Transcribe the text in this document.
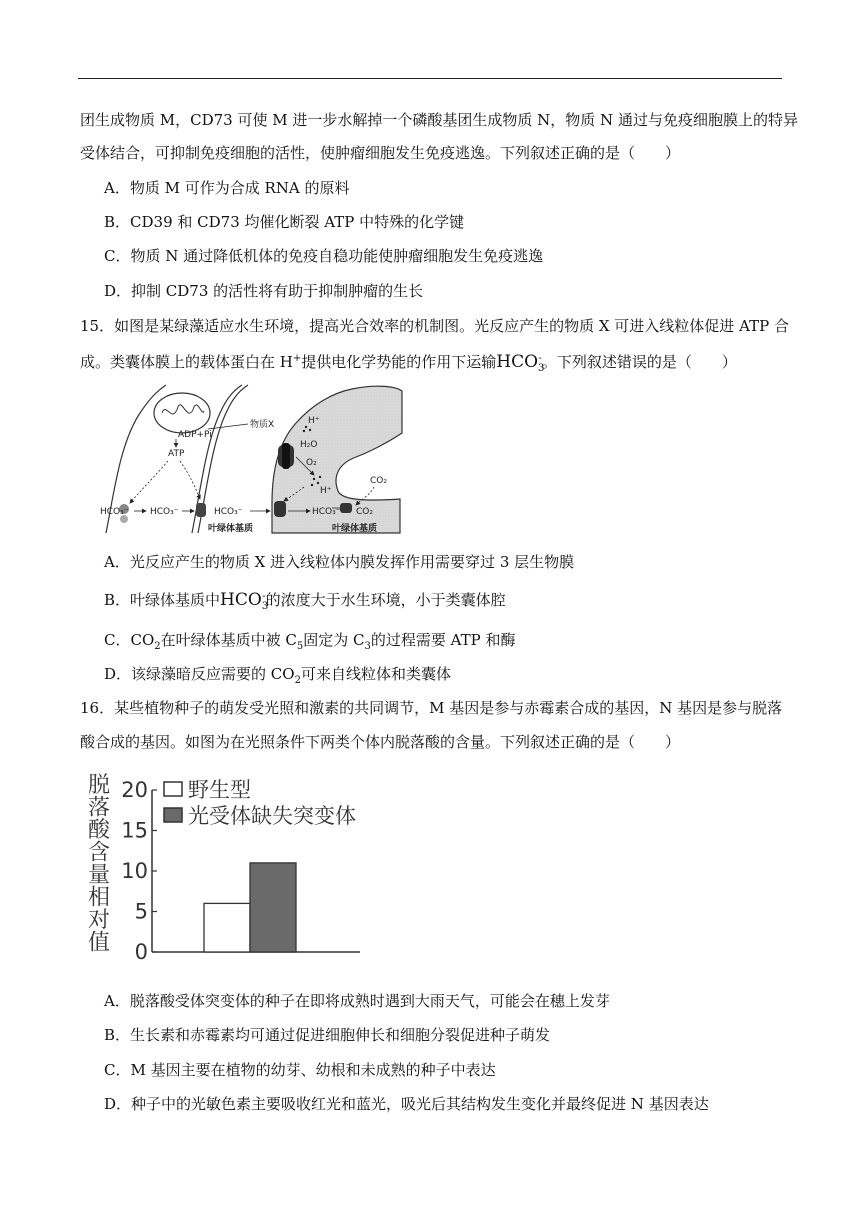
团生成物质 M，CD73 可使 M 进一步水解掉一个磷酸基团生成物质 N，物质 N 通过与免疫细胞膜上的特异
受体结合，可抑制免疫细胞的活性，使肿瘤细胞发生免疫逃逸。下列叙述正确的是（　　）
A．物质 M 可作为合成 RNA 的原料
B．CD39 和 CD73 均催化断裂 ATP 中特殊的化学键
C．物质 N 通过降低机体的免疫自稳功能使肿瘤细胞发生免疫逃逸
D．抑制 CD73 的活性将有助于抑制肿瘤的生长
15．如图是某绿藻适应水生环境，提高光合效率的机制图。光反应产生的物质 X 可进入线粒体促进 ATP 合
成。类囊体膜上的载体蛋白在 H+提供电化学势能的作用下运输$HCO_3^-$。下列叙述错误的是（　　）
ADP+Pi
物质X
ATP
H⁺
H₂O
O₂
H⁺
CO₂
HCO₃⁻ HCO₃⁻	HCO₃⁻	HCO₃⁻ CO₂
叶绿体基质	叶绿体基质
A．光反应产生的物质 X 进入线粒体内膜发挥作用需要穿过 3 层生物膜
B．叶绿体基质中$HCO_3^-$的浓度大于水生环境，小于类囊体腔
C．$CO_2$在叶绿体基质中被 $C_5$固定为 $C_3$的过程需要 ATP 和酶
D．该绿藻暗反应需要的 $CO_2$可来自线粒体和类囊体
16．某些植物种子的萌发受光照和激素的共同调节，M 基因是参与赤霉素合成的基因，N 基因是参与脱落
酸合成的基因。如图为在光照条件下两类个体内脱落酸的含量。下列叙述正确的是（　　）
脱
落
酸
含
量
相
对
值 0
5
10
15
20 野生型
光受体缺失突变体
A．脱落酸受体突变体的种子在即将成熟时遇到大雨天气，可能会在穗上发芽
B．生长素和赤霉素均可通过促进细胞伸长和细胞分裂促进种子萌发
C．M 基因主要在植物的幼芽、幼根和未成熟的种子中表达
D．种子中的光敏色素主要吸收红光和蓝光，吸光后其结构发生变化并最终促进 N 基因表达
